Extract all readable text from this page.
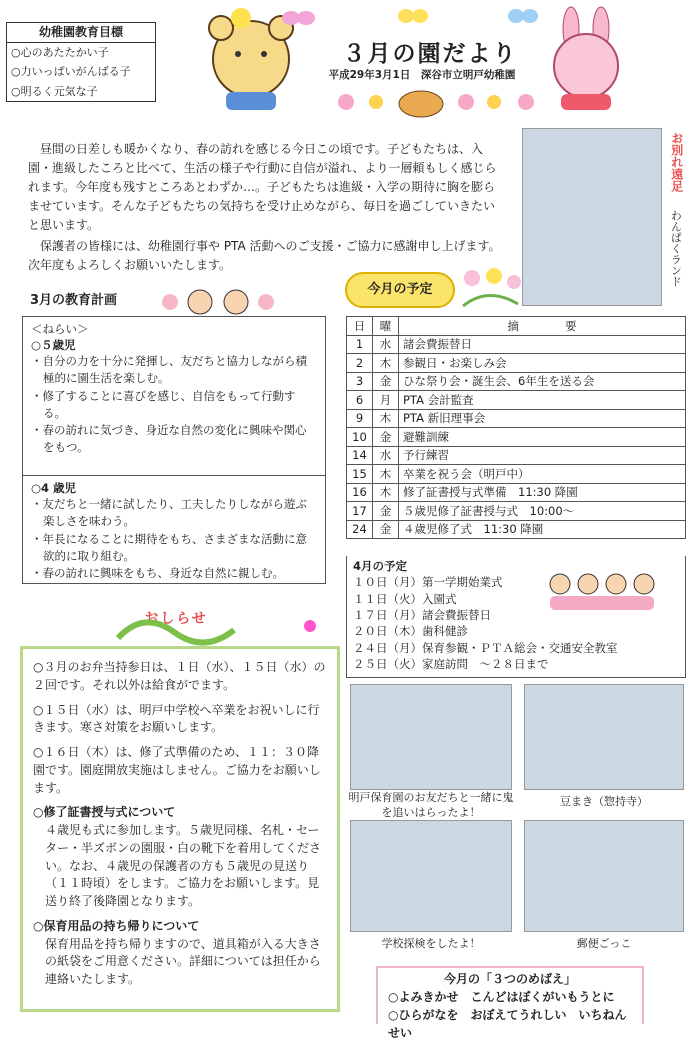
幼稚園教育目標
○心のあたたかい子
○力いっぱいがんばる子
○明るく元気な子
３月の園だより
平成29年3月1日　深谷市立明戸幼稚園

昼間の日差しも暖かくなり、春の訪れを感じる今日この頃です。子どもたちは、入園・進級したころと比べて、生活の様子や行動に自信が溢れ、より一層頼もしく感じられます。今年度も残すところあとわずか…。子どもたちは進級・入学の期待に胸を膨らませています。そんな子どもたちの気持ちを受け止めながら、毎日を過ごしていきたいと思います。

保護者の皆様には、幼稚園行事や PTA 活動へのご支援・ご協力に感謝申し上げます。次年度もよろしくお願いいたします。

お別れ遠足
わんぱくランド
3月の教育計画
＜ねらい＞
○５歳児
・自分の力を十分に発揮し、友だちと協力しながら積極的に園生活を楽しむ。
・修了することに喜びを感じ、自信をもって行動する。
・春の訪れに気づき、身近な自然の変化に興味や関心をもつ。
○4 歳児
・友だちと一緒に試したり、工夫したりしながら遊ぶ楽しさを味わう。
・年長になることに期待をもち、さまざまな活動に意欲的に取り組む。
・春の訪れに興味をもち、身近な自然に親しむ。
今月の予定
日	曜	摘　　　　要
1	水	諸会費振替日
2	木	参観日・お楽しみ会
3	金	ひな祭り会・誕生会、6年生を送る会
6	月	PTA 会計監査
9	木	PTA 新旧理事会
10	金	避難訓練
14	水	予行練習
15	木	卒業を祝う会（明戸中）
16	木	修了証書授与式準備　11:30 降園
17	金	５歳児修了証書授与式　10:00～
24	金	４歳児修了式　11:30 降園
4月の予定
１０日（月）第一学期始業式
１１日（火）入園式
１７日（月）諸会費振替日
２０日（木）歯科健診
２４日（月）保育参観・ＰＴＡ総会・交通安全教室
２５日（火）家庭訪問　～２８日まで
おしらせ
○３月のお弁当持参日は、１日（水）、１５日（水）の２回です。それ以外は給食がでます。
○１５日（水）は、明戸中学校へ卒業をお祝いしに行きます。寒さ対策をお願いします。
○１６日（木）は、修了式準備のため、１１：３０降園です。園庭開放実施はしません。ご協力をお願いします。
○修了証書授与式について
４歳児も式に参加します。５歳児同様、名札・セーター・半ズボンの園服・白の靴下を着用してください。なお、４歳児の保護者の方も５歳児の見送り（１１時頃）をします。ご協力をお願いします。見送り終了後降園となります。
○保育用品の持ち帰りについて
保育用品を持ち帰りますので、道具箱が入る大きさの紙袋をご用意ください。詳細については担任から連絡いたします。
明戸保育園のお友だちと一緒に鬼を追いはらったよ！
豆まき（惣持寺）
学校探検をしたよ！	郵便ごっこ
今月の「３つのめばえ」
○よみきかせ　こんどはぼくがいもうとに
○ひらがなを　おぼえてうれしい　いちねんせい
